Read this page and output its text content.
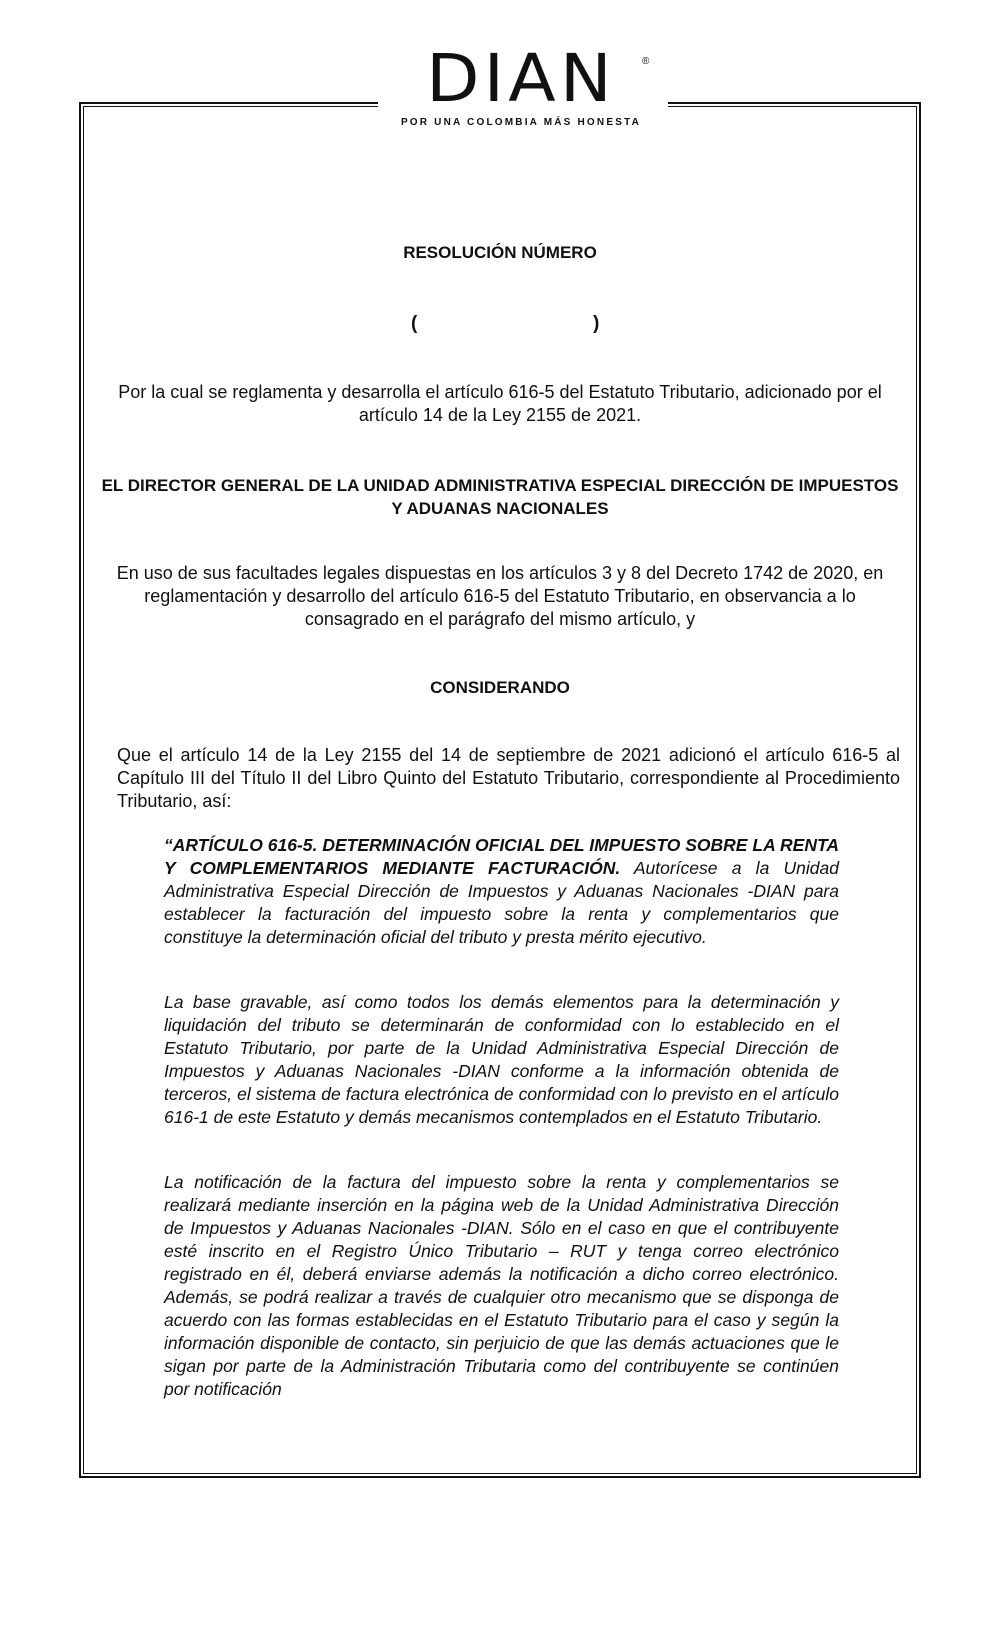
DIAN	®
POR UNA COLOMBIA MÁS HONESTA
RESOLUCIÓN NÚMERO
(	)
Por la cual se reglamenta y desarrolla el artículo 616-5 del Estatuto Tributario, adicionado por el artículo 14 de la Ley 2155 de 2021.
EL DIRECTOR GENERAL DE LA UNIDAD ADMINISTRATIVA ESPECIAL DIRECCIÓN DE IMPUESTOS Y ADUANAS NACIONALES
En uso de sus facultades legales dispuestas en los artículos 3 y 8 del Decreto 1742 de 2020, en reglamentación y desarrollo del artículo 616-5 del Estatuto Tributario, en observancia a lo consagrado en el parágrafo del mismo artículo, y
CONSIDERANDO
Que el artículo 14 de la Ley 2155 del 14 de septiembre de 2021 adicionó el artículo 616-5 al Capítulo III del Título II del Libro Quinto del Estatuto Tributario, correspondiente al Procedimiento Tributario, así:
“ARTÍCULO 616-5. DETERMINACIÓN OFICIAL DEL IMPUESTO SOBRE LA RENTA Y COMPLEMENTARIOS MEDIANTE FACTURACIÓN. Autorícese a la Unidad Administrativa Especial Dirección de Impuestos y Aduanas Nacionales -DIAN para establecer la facturación del impuesto sobre la renta y complementarios que constituye la determinación oficial del tributo y presta mérito ejecutivo.
La base gravable, así como todos los demás elementos para la determinación y liquidación del tributo se determinarán de conformidad con lo establecido en el Estatuto Tributario, por parte de la Unidad Administrativa Especial Dirección de Impuestos y Aduanas Nacionales -DIAN conforme a la información obtenida de terceros, el sistema de factura electrónica de conformidad con lo previsto en el artículo 616-1 de este Estatuto y demás mecanismos contemplados en el Estatuto Tributario.
La notificación de la factura del impuesto sobre la renta y complementarios se realizará mediante inserción en la página web de la Unidad Administrativa Dirección de Impuestos y Aduanas Nacionales -DIAN. Sólo en el caso en que el contribuyente esté inscrito en el Registro Único Tributario – RUT y tenga correo electrónico registrado en él, deberá enviarse además la notificación a dicho correo electrónico. Además, se podrá realizar a través de cualquier otro mecanismo que se disponga de acuerdo con las formas establecidas en el Estatuto Tributario para el caso y según la información disponible de contacto, sin perjuicio de que las demás actuaciones que le sigan por parte de la Administración Tributaria como del contribuyente se continúen por notificación
